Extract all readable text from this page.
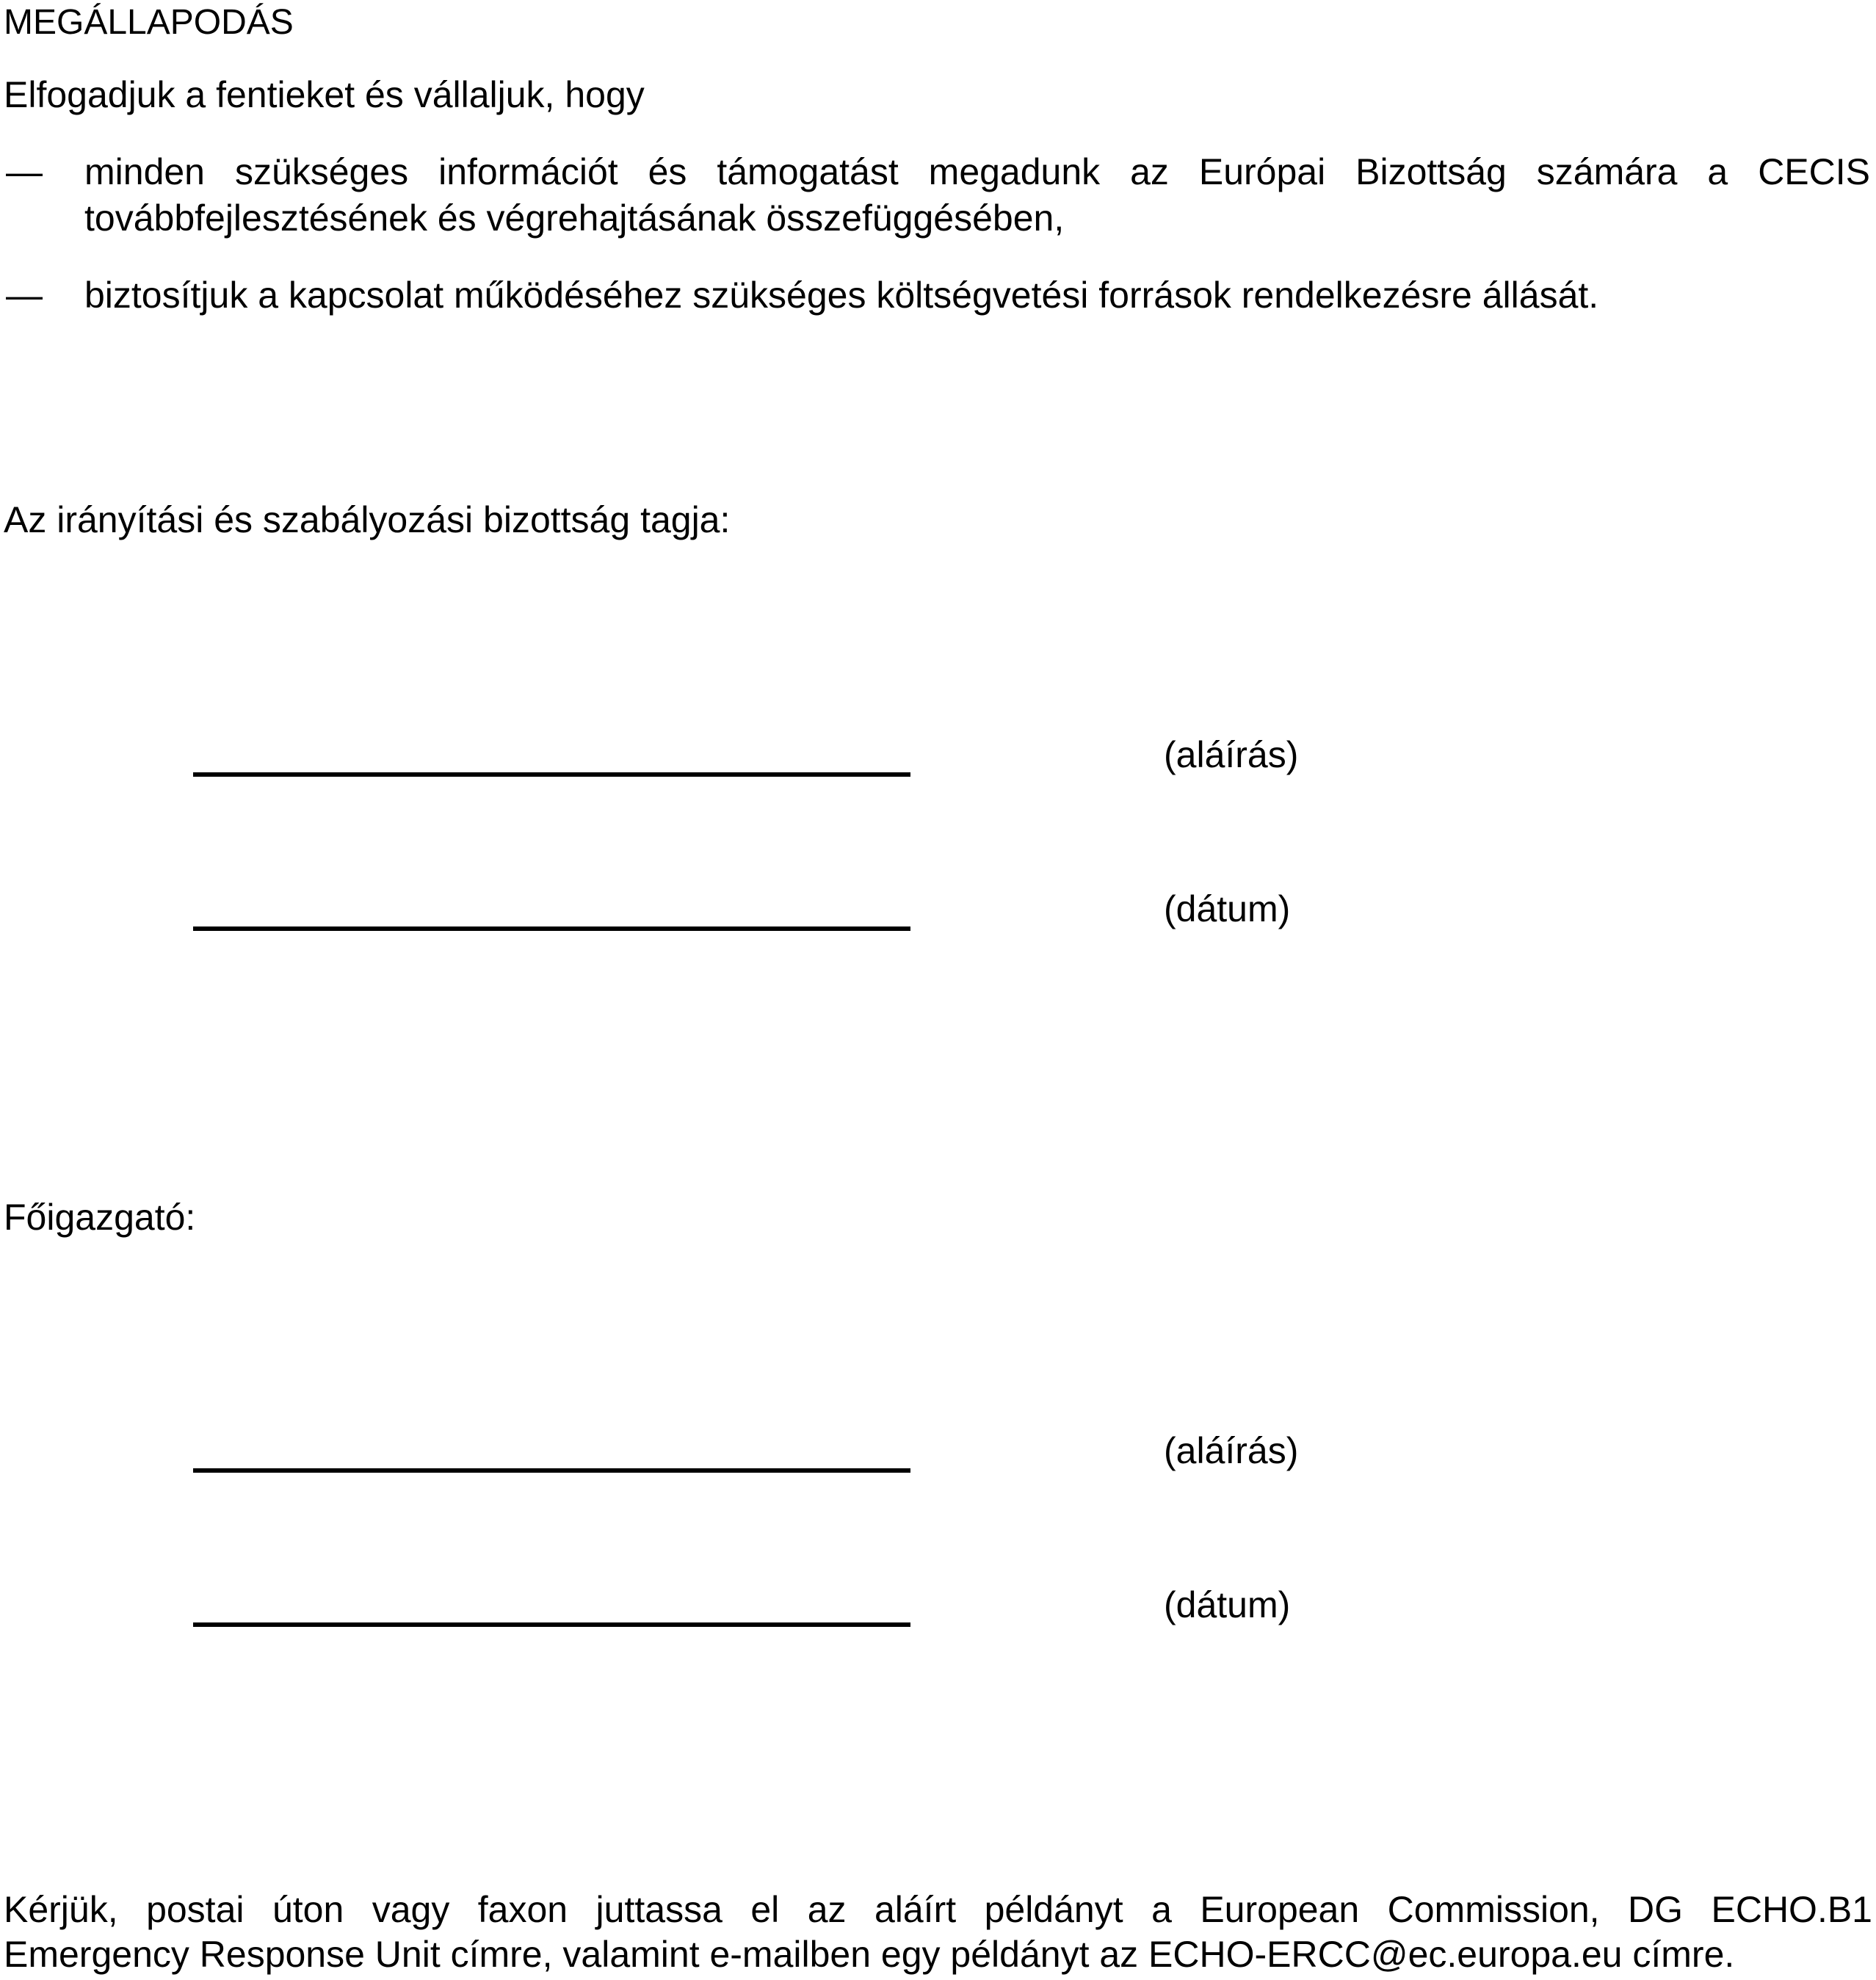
MEGÁLLAPODÁS
Elfogadjuk a fentieket és vállaljuk, hogy
— minden szükséges információt és támogatást megadunk az Európai Bizottság számára a CECIS
továbbfejlesztésének és végrehajtásának összefüggésében,
— biztosítjuk a kapcsolat működéséhez szükséges költségvetési források rendelkezésre állását.
Az irányítási és szabályozási bizottság tagja:
(aláírás)
(dátum)
Főigazgató:
(aláírás)
(dátum)
Kérjük, postai úton vagy faxon juttassa el az aláírt példányt a European Commission, DG ECHO.B1
Emergency Response Unit címre, valamint e-mailben egy példányt az ECHO-ERCC@ec.europa.eu címre.
